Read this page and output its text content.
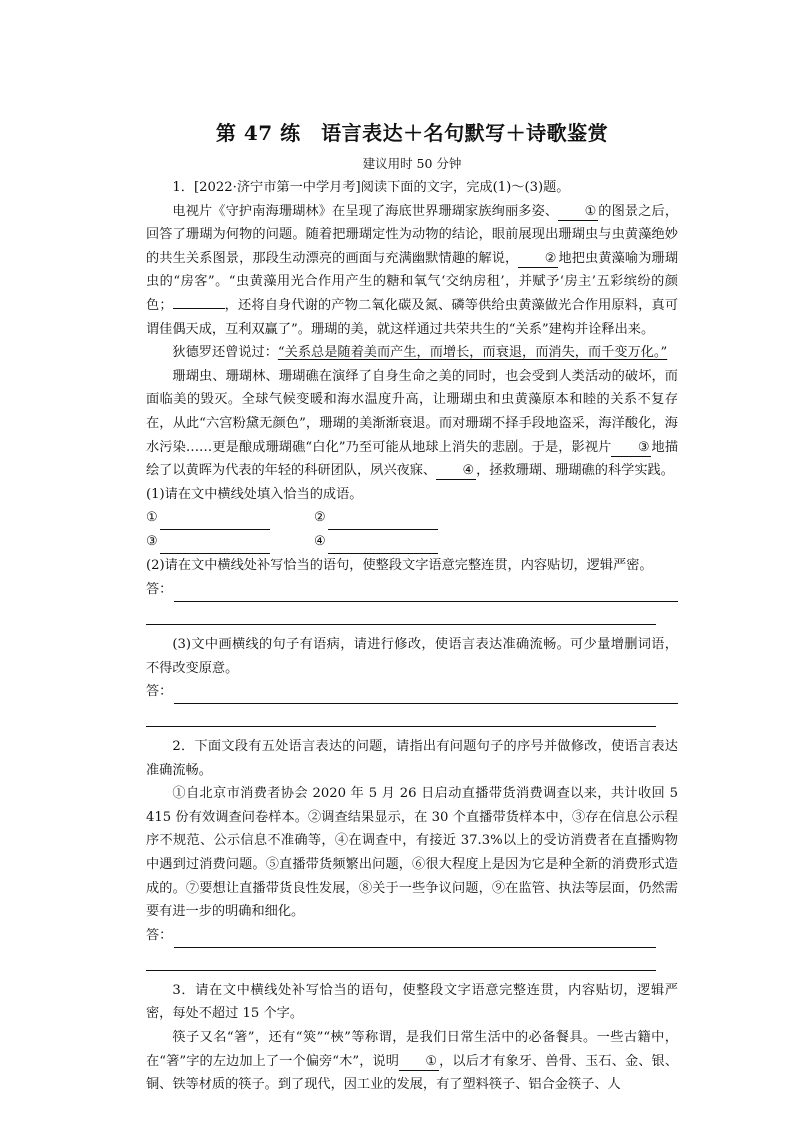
第 47 练　语言表达＋名句默写＋诗歌鉴赏
建议用时 50 分钟

1．[2022·济宁市第一中学月考]阅读下面的文字，完成(1)～(3)题。

电视片《守护南海珊瑚林》在呈现了海底世界珊瑚家族绚丽多姿、 ① 的图景之后，回答了珊瑚为何物的问题。随着把珊瑚定性为动物的结论，眼前展现出珊瑚虫与虫黄藻绝妙的共生关系图景，那段生动漂亮的画面与充满幽默情趣的解说， ② 地把虫黄藻喻为珊瑚虫的“房客”。“虫黄藻用光合作用产生的糖和氧气‘交纳房租’，并赋予‘房主’五彩缤纷的颜色；	，还将自身代谢的产物二氧化碳及氮、磷等供给虫黄藻做光合作用原料，真可谓佳偶天成，互利双赢了”。珊瑚的美，就这样通过共荣共生的“关系”建构并诠释出来。

狄德罗还曾说过：“关系总是随着美而产生，而增长，而衰退，而消失，而千变万化。”

珊瑚虫、珊瑚林、珊瑚礁在演绎了自身生命之美的同时，也会受到人类活动的破坏，而面临美的毁灭。全球气候变暖和海水温度升高，让珊瑚虫和虫黄藻原本和睦的关系不复存在，从此“六宫粉黛无颜色”，珊瑚的美渐渐衰退。而对珊瑚不择手段地盗采，海洋酸化，海水污染……更是酿成珊瑚礁“白化”乃至可能从地球上消失的悲剧。于是，影视片 ③ 地描绘了以黄晖为代表的年轻的科研团队，夙兴夜寐、 ④ ，拯救珊瑚、珊瑚礁的科学实践。

(1)请在文中横线处填入恰当的成语。

①	②
③	④

(2)请在文中横线处补写恰当的语句，使整段文字语意完整连贯，内容贴切，逻辑严密。

答：

(3)文中画横线的句子有语病，请进行修改，使语言表达准确流畅。可少量增删词语，不得改变原意。

答：

2．下面文段有五处语言表达的问题，请指出有问题句子的序号并做修改，使语言表达准确流畅。

①自北京市消费者协会 2020 年 5 月 26 日启动直播带货消费调查以来，共计收回 5 415 份有效调查问卷样本。②调查结果显示，在 30 个直播带货样本中，③存在信息公示程序不规范、公示信息不准确等，④在调查中，有接近 37.3%以上的受访消费者在直播购物中遇到过消费问题。⑤直播带货频繁出问题，⑥很大程度上是因为它是种全新的消费形式造成的。⑦要想让直播带货良性发展，⑧关于一些争议问题，⑨在监管、执法等层面，仍然需要有进一步的明确和细化。

答：

3．请在文中横线处补写恰当的语句，使整段文字语意完整连贯，内容贴切，逻辑严密，每处不超过 15 个字。

筷子又名“箸”，还有“筴”“梜”等称谓，是我们日常生活中的必备餐具。一些古籍中，在“箸”字的左边加上了一个偏旁“木”，说明 ① ，以后才有象牙、兽骨、玉石、金、银、铜、铁等材质的筷子。到了现代，因工业的发展，有了塑料筷子、铝合金筷子、人
